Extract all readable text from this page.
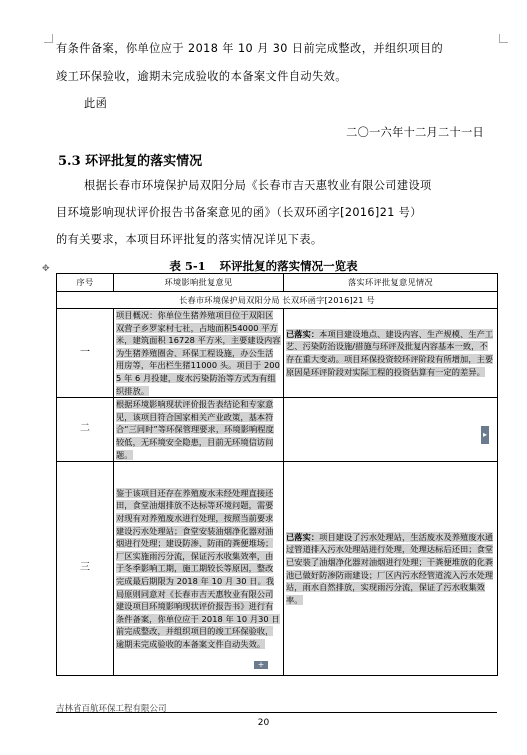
有条件备案，你单位应于 2018 年 10 月 30 日前完成整改，并组织项目的
竣工环保验收，逾期未完成验收的本备案文件自动失效。
此函
二〇一六年十二月二十一日
5.3 环评批复的落实情况
根据长春市环境保护局双阳分局《长春市吉天惠牧业有限公司建设项
目环境影响现状评价报告书备案意见的函》（长双环函字[2016]21 号）
的有关要求，本项目环评批复的落实情况详见下表。
表 5-1 环评批复的落实情况一览表
✥
序号	环境影响批复意见	落实环评批复意见情况
长春市环境保护局双阳分局 长双环函字[2016]21 号		
一	项目概况：你单位生猪养殖项目位于双阳区双营子乡罗家村七社，占地面积54000 平方米，建筑面积 16728 平方米，主要建设内容为生猪养殖圈舍、环保工程设施，办公生活用房等，年出栏生猪11000 头。项目于 2005 年 6 月投建，废水污染防治等方式为有组织排放。	已落实：本项目建设地点、建设内容、生产规模、生产工艺、污染防治设施/措施与环评及批复内容基本一致，不存在重大变动。项目环保投资较环评阶段有所增加，主要原因是环评阶段对实际工程的投资估算有一定的差异。
二	根据环境影响现状评价报告表结论和专家意见，该项目符合国家相关产业政策，基本符合“三同时”等环保管理要求，环境影响程度较低，无环境安全隐患，目前无环境信访问题。	
三	鉴于该项目还存在养殖废水未经处理直接还田，食堂油烟排放不达标等环境问题，需要对现有对养殖废水进行处理，按照当前要求建设污水处理站；食堂安装油烟净化器对油烟进行处理；建设防渗、防雨的粪便堆场；厂区实施雨污分流，保证污水收集效率，由于冬季影响工期，施工期较长等原因，整改完成最后期限为 2018 年 10 月 30 日。我局原则同意对《长春市吉天惠牧业有限公司建设项目环境影响现状评价报告书》进行有条件备案，你单位应于 2018 年 10 月30 日前完成整改，并组织项目的竣工环保验收，逾期未完成验收的本备案文件自动失效。	已落实：项目建设了污水处理站，生活废水及养殖废水通过管道排入污水处理站进行处理，处理达标后还田；食堂已安装了油烟净化器对油烟进行处理；干粪便堆放的化粪池已做好防渗防雨建设；厂区内污水经管道流入污水处理站，雨水自然排放，实现雨污分流，保证了污水收集效率。
▸
+
吉林省百航环保工程有限公司
20
